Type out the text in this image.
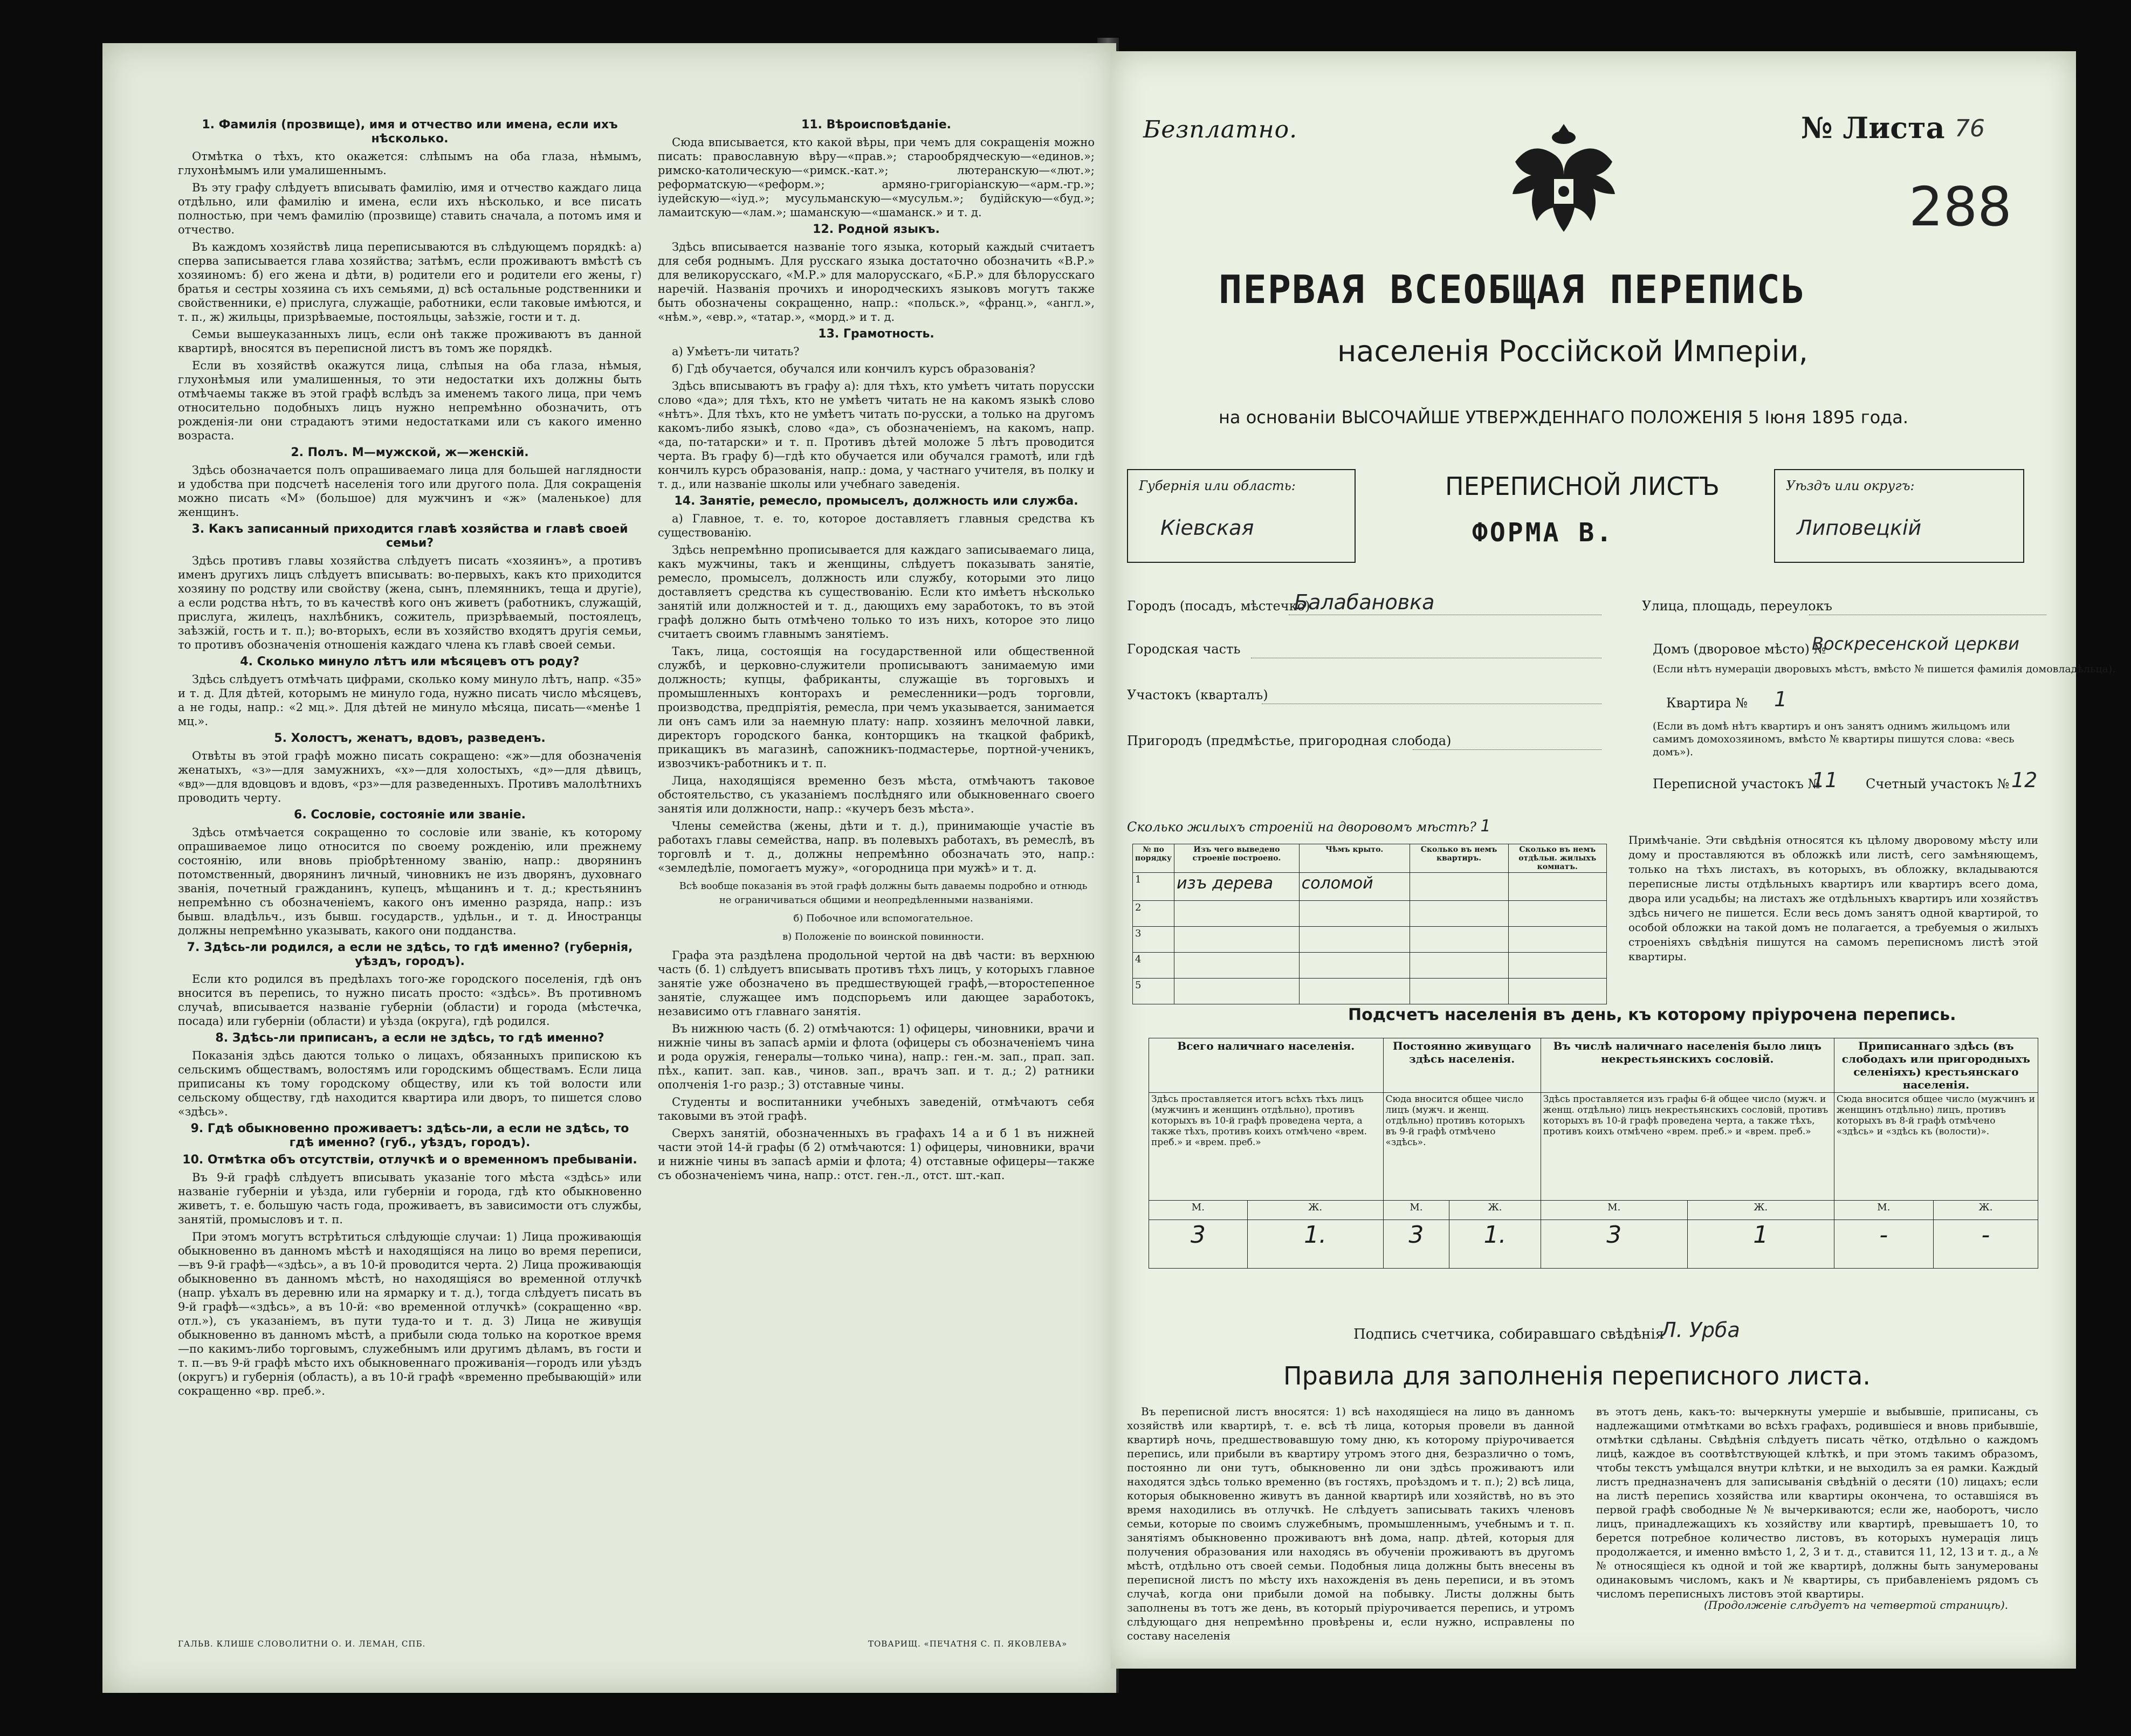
1. Фамилія (прозвище), имя и отчество или имена, если ихъ нѣсколько.

Отмѣтка о тѣхъ, кто окажется: слѣпымъ на оба глаза, нѣмымъ, глухонѣмымъ или умалишеннымъ.

Въ эту графу слѣдуетъ вписывать фамилію, имя и отчество каждаго лица отдѣльно, или фамилію и имена, если ихъ нѣсколько, и все писать полностью, при чемъ фамилію (прозвище) ставить сначала, а потомъ имя и отчество.

Въ каждомъ хозяйствѣ лица переписываются въ слѣдующемъ порядкѣ: а) сперва записывается глава хозяйства; затѣмъ, если проживаютъ вмѣстѣ съ хозяиномъ: б) его жена и дѣти, в) родители его и родители его жены, г) братья и сестры хозяина съ ихъ семьями, д) всѣ остальные родственники и свойственники, е) прислуга, служащіе, работники, если таковые имѣются, и т. п., ж) жильцы, призрѣваемые, постояльцы, заѣзжіе, гости и т. д.

Семьи вышеуказанныхъ лицъ, если онѣ также проживаютъ въ данной квартирѣ, вносятся въ переписной листъ въ томъ же порядкѣ.

Если въ хозяйствѣ окажутся лица, слѣпыя на оба глаза, нѣмыя, глухонѣмыя или умалишенныя, то эти недостатки ихъ должны быть отмѣчаемы также въ этой графѣ вслѣдъ за именемъ такого лица, при чемъ относительно подобныхъ лицъ нужно непремѣнно обозначить, отъ рожденія-ли они страдаютъ этими недостатками или съ какого именно возраста.

2. Полъ. М—мужской, ж—женскій.

Здѣсь обозначается полъ опрашиваемаго лица для большей наглядности и удобства при подсчетѣ населенія того или другого пола. Для сокращенія можно писать «М» (большое) для мужчинъ и «ж» (маленькое) для женщинъ.

3. Какъ записанный приходится главѣ хозяйства и главѣ своей семьи?

Здѣсь противъ главы хозяйства слѣдуетъ писать «хозяинъ», а противъ именъ другихъ лицъ слѣдуетъ вписывать: во-первыхъ, какъ кто приходится хозяину по родству или свойству (жена, сынъ, племянникъ, теща и другіе), а если родства нѣтъ, то въ качествѣ кого онъ живетъ (работникъ, служащій, прислуга, жилецъ, нахлѣбникъ, сожитель, призрѣваемый, постоялецъ, заѣзжій, гость и т. п.); во-вторыхъ, если въ хозяйство входятъ другія семьи, то противъ обозначенія отношенія каждаго члена къ главѣ своей семьи.

4. Сколько минуло лѣтъ или мѣсяцевъ отъ роду?

Здѣсь слѣдуетъ отмѣчать цифрами, сколько кому минуло лѣтъ, напр. «35» и т. д. Для дѣтей, которымъ не минуло года, нужно писать число мѣсяцевъ, а не годы, напр.: «2 мц.». Для дѣтей не минуло мѣсяца, писать—«менѣе 1 мц.».

5. Холостъ, женатъ, вдовъ, разведенъ.

Отвѣты въ этой графѣ можно писать сокращено: «ж»—для обозначенія женатыхъ, «з»—для замужнихъ, «х»—для холостыхъ, «д»—для дѣвицъ, «вд»—для вдовцовъ и вдовъ, «рз»—для разведенныхъ. Противъ малолѣтнихъ проводить черту.

6. Сословіе, состояніе или званіе.

Здѣсь отмѣчается сокращенно то сословіе или званіе, къ которому опрашиваемое лицо относится по своему рожденію, или прежнему состоянію, или вновь пріобрѣтенному званію, напр.: дворянинъ потомственный, дворянинъ личный, чиновникъ не изъ дворянъ, духовнаго званія, почетный гражданинъ, купецъ, мѣщанинъ и т. д.; крестьянинъ непремѣнно съ обозначеніемъ, какого онъ именно разряда, напр.: изъ бывш. владѣльч., изъ бывш. государств., удѣльн., и т. д. Иностранцы должны непремѣнно указывать, какого они подданства.

7. Здѣсь-ли родился, а если не здѣсь, то гдѣ именно? (губернія, уѣздъ, городъ).

Если кто родился въ предѣлахъ того-же городского поселенія, гдѣ онъ вносится въ перепись, то нужно писать просто: «здѣсь». Въ противномъ случаѣ, вписывается названіе губерніи (области) и города (мѣстечка, посада) или губерніи (области) и уѣзда (округа), гдѣ родился.

8. Здѣсь-ли приписанъ, а если не здѣсь, то гдѣ именно?

Показанія здѣсь даются только о лицахъ, обязанныхъ припискою къ сельскимъ обществамъ, волостямъ или городскимъ обществамъ. Если лица приписаны къ тому городскому обществу, или къ той волости или сельскому обществу, гдѣ находится квартира или дворъ, то пишется слово «здѣсь».

9. Гдѣ обыкновенно проживаетъ: здѣсь-ли, а если не здѣсь, то гдѣ именно? (губ., уѣздъ, городъ).
10. Отмѣтка объ отсутствіи, отлучкѣ и о временномъ пребываніи.

Въ 9-й графѣ слѣдуетъ вписывать указаніе того мѣста «здѣсь» или названіе губерніи и уѣзда, или губерніи и города, гдѣ кто обыкновенно живетъ, т. е. большую часть года, проживаетъ, въ зависимости отъ службы, занятій, промысловъ и т. п.

При этомъ могутъ встрѣтиться слѣдующіе случаи: 1) Лица проживающія обыкновенно въ данномъ мѣстѣ и находящіяся на лицо во время переписи,—въ 9-й графѣ—«здѣсь», а въ 10-й проводится черта. 2) Лица проживающія обыкновенно въ данномъ мѣстѣ, но находящіяся во временной отлучкѣ (напр. уѣхалъ въ деревню или на ярмарку и т. д.), тогда слѣдуетъ писать въ 9-й графѣ—«здѣсь», а въ 10-й: «во временной отлучкѣ» (сокращенно «вр. отл.»), съ указаніемъ, въ пути туда-то и т. д. 3) Лица не живущія обыкновенно въ данномъ мѣстѣ, а прибыли сюда только на короткое время—по какимъ-либо торговымъ, служебнымъ или другимъ дѣламъ, въ гости и т. п.—въ 9-й графѣ мѣсто ихъ обыкновеннаго проживанія—городъ или уѣздъ (округъ) и губернія (область), а въ 10-й графѣ «временно пребывающій» или сокращенно «вр. преб.».

11. Вѣроисповѣданіе.

Сюда вписывается, кто какой вѣры, при чемъ для сокращенія можно писать: православную вѣру—«прав.»; старообрядческую—«единов.»; римско-католическую—«римск.-кат.»; лютеранскую—«лют.»; реформатскую—«реформ.»; армяно-григоріанскую—«арм.-гр.»; іудейскую—«іуд.»; мусульманскую—«мусульм.»; будійскую—«буд.»; ламаитскую—«лам.»; шаманскую—«шаманск.» и т. д.

12. Родной языкъ.

Здѣсь вписывается названіе того языка, который каждый считаетъ для себя роднымъ. Для русскаго языка достаточно обозначить «В.Р.» для великорусскаго, «М.Р.» для малорусскаго, «Б.Р.» для бѣлорусскаго наречій. Названія прочихъ и инородческихъ языковъ могутъ также быть обозначены сокращенно, напр.: «польск.», «франц.», «англ.», «нѣм.», «евр.», «татар.», «морд.» и т. д.

13. Грамотность.

а) Умѣетъ-ли читать?

б) Гдѣ обучается, обучался или кончилъ курсъ образованія?

Здѣсь вписываютъ въ графу а): для тѣхъ, кто умѣетъ читать порусски слово «да»; для тѣхъ, кто не умѣетъ читать не на какомъ языкѣ слово «нѣтъ». Для тѣхъ, кто не умѣетъ читать по-русски, а только на другомъ какомъ-либо языкѣ, слово «да», съ обозначеніемъ, на какомъ, напр. «да, по-татарски» и т. п. Противъ дѣтей моложе 5 лѣтъ проводится черта. Въ графу б)—гдѣ кто обучается или обучался грамотѣ, или гдѣ кончилъ курсъ образованія, напр.: дома, у частнаго учителя, въ полку и т. д., или названіе школы или учебнаго заведенія.

14. Занятіе, ремесло, промыселъ, должность или служба.

а) Главное, т. е. то, которое доставляетъ главныя средства къ существованію.

Здѣсь непремѣнно прописывается для каждаго записываемаго лица, какъ мужчины, такъ и женщины, слѣдуетъ показывать занятіе, ремесло, промыселъ, должность или службу, которыми это лицо доставляетъ средства къ существованію. Если кто имѣетъ нѣсколько занятій или должностей и т. д., дающихъ ему заработокъ, то въ этой графѣ должно быть отмѣчено только то изъ нихъ, которое это лицо считаетъ своимъ главнымъ занятіемъ.

Такъ, лица, состоящія на государственной или общественной службѣ, и церковно-служители прописываютъ занимаемую ими должность; купцы, фабриканты, служащіе въ торговыхъ и промышленныхъ конторахъ и ремесленники—родъ торговли, производства, предпріятія, ремесла, при чемъ указывается, занимается ли онъ самъ или за наемную плату: напр. хозяинъ мелочной лавки, директоръ городского банка, конторщикъ на ткацкой фабрикѣ, прикащикъ въ магазинѣ, сапожникъ-подмастерье, портной-ученикъ, извозчикъ-работникъ и т. п.

Лица, находящіяся временно безъ мѣста, отмѣчаютъ таковое обстоятельство, съ указаніемъ послѣдняго или обыкновеннаго своего занятія или должности, напр.: «кучеръ безъ мѣста».

Члены семейства (жены, дѣти и т. д.), принимающіе участіе въ работахъ главы семейства, напр. въ полевыхъ работахъ, въ ремеслѣ, въ торговлѣ и т. д., должны непремѣнно обозначать это, напр.: «земледѣліе, помогаетъ мужу», «огородница при мужѣ» и т. д.

Всѣ вообще показанія въ этой графѣ должны быть даваемы подробно и отнюдь не ограничиваться общими и неопредѣленными названіями.

б) Побочное или вспомогательное.

в) Положеніе по воинской повинности.

Графа эта раздѣлена продольной чертой на двѣ части: въ верхнюю часть (б. 1) слѣдуетъ вписывать противъ тѣхъ лицъ, у которыхъ главное занятіе уже обозначено въ предшествующей графѣ,—второстепенное занятіе, служащее имъ подспорьемъ или дающее заработокъ, независимо отъ главнаго занятія.

Въ нижнюю часть (б. 2) отмѣчаются: 1) офицеры, чиновники, врачи и нижніе чины въ запасѣ армiи и флота (офицеры съ обозначеніемъ чина и рода оружія, генералы—только чина), напр.: ген.-м. зап., прап. зап. пѣх., капит. зап. кав., чинов. зап., врачъ зап. и т. д.; 2) ратники ополченія 1-го разр.; 3) отставные чины.

Студенты и воспитанники учебныхъ заведеній, отмѣчаютъ себя таковыми въ этой графѣ.

Сверхъ занятій, обозначенныхъ въ графахъ 14 а и б 1 въ нижней части этой 14-й графы (б 2) отмѣчаются: 1) офицеры, чиновники, врачи и нижніе чины въ запасѣ армiи и флота; 4) отставные офицеры—также съ обозначеніемъ чина, напр.: отст. ген.-л., отст. шт.-кап.

ГАЛЬВ. КЛИШЕ СЛОВОЛИТНИ О. И. ЛЕМАН, СПБ.	ТОВАРИЩ. «ПЕЧАТНЯ С. П. ЯКОВЛЕВА»
Безплатно.	№ Листа 76
288
ПЕРВАЯ ВСЕОБЩАЯ ПЕРЕПИСЬ
населенія Россійской Имперіи,
на основаніи ВЫСОЧАЙШЕ УТВЕРЖДЕННАГО ПОЛОЖЕНІЯ 5 Іюня 1895 года.
Губернія или область:
Кіевская
ПЕРЕПИСНОЙ ЛИСТЪ
ФОРМА В.
Уѣздъ или округъ:
Липовецкій
Городъ (посадъ, мѣстечко)
Балабановка
Городская часть
Участокъ (кварталъ)
Пригородъ (предмѣстье, пригородная слобода)
Улица, площадь, переулокъ
Домъ (дворовое мѣсто) №
Воскресенской церкви
(Если нѣтъ нумераціи дворовыхъ мѣстъ, вмѣсто № пишется фамилія домовладѣльца).
Квартира № 1
(Если въ домѣ нѣтъ квартиръ и онъ занятъ однимъ жильцомъ или самимъ домохозяиномъ, вмѣсто № квартиры пишутся слова: «весь домъ»).
Переписной участокъ №
11 Счетный участокъ № 12
Сколько жилыхъ строеній на дворовомъ мѣстѣ? 1
№ по порядку	Изъ чего выведено строеніе построено.	Чѣмъ крыто.	Сколько въ немъ квартиръ.	Сколько въ немъ отдѣльн. жилыхъ комнатъ.
1	изъ дерева	соломой		
2				
3				
4				
5				
Примѣчаніе. Эти свѣдѣнія относятся къ цѣлому дворовому мѣсту или дому и проставляются въ обложкѣ или листѣ, сего замѣняющемъ, только на тѣхъ листахъ, въ которыхъ, въ обложку, вкладываются переписные листы отдѣльныхъ квартиръ или квартиръ всего дома, двора или усадьбы; на листахъ же отдѣльныхъ квартиръ или хозяйствъ здѣсь ничего не пишется. Если весь домъ занятъ одной квартирой, то особой обложки на такой домъ не полагается, а требуемыя о жилыхъ строеніяхъ свѣдѣнія пишутся на самомъ переписномъ листѣ этой квартиры.
Подсчетъ населенія въ день, къ которому пріурочена перепись.
Всего наличнаго населенія.		Постоянно живущаго здѣсь населенія.		Въ числѣ наличнаго населенія было лицъ некрестьянскихъ сословій.		Приписаннаго здѣсь (въ слободахъ или пригородныхъ селеніяхъ) крестьянскаго населенія.	
Здѣсь проставляется итогъ всѣхъ тѣхъ лицъ (мужчинъ и женщинъ отдѣльно), противъ которыхъ въ 10-й графѣ проведена черта, а также тѣхъ, противъ коихъ отмѣчено «врем. преб.» и «врем. преб.»		Сюда вносится общее число лицъ (мужч. и женщ. отдѣльно) противъ которыхъ въ 9-й графѣ отмѣчено «здѣсь».		Здѣсь проставляется изъ графы 6-й общее число (мужч. и женщ. отдѣльно) лицъ некрестьянскихъ сословій, противъ которыхъ въ 10-й графѣ проведена черта, а также тѣхъ, противъ коихъ отмѣчено «врем. преб.» и «врем. преб.»		Сюда вносится общее число (мужчинъ и женщинъ отдѣльно) лицъ, противъ которыхъ въ 8-й графѣ отмѣчено «здѣсь» и «здѣсь къ (волости)».	
М.	Ж.	М.	Ж.	М.	Ж.	М.	Ж.
3	1.	3	1.	3	1	-	-
Подпись счетчика, собиравшаго свѣдѣнія
Л. Урба
Правила для заполненія переписного листа.
Въ переписной листъ вносятся: 1) всѣ находящіеся на лицо въ данномъ хозяйствѣ или квартирѣ, т. е. всѣ тѣ лица, которыя провели въ данной квартирѣ ночь, предшествовавшую тому дню, къ которому пріурочивается перепись, или прибыли въ квартиру утромъ этого дня, безразлично о томъ, постоянно ли они тутъ, обыкновенно ли они здѣсь проживаютъ или находятся здѣсь только временно (въ гостяхъ, проѣздомъ и т. п.); 2) всѣ лица, которыя обыкновенно живутъ въ данной квартирѣ или хозяйствѣ, но въ это время находились въ отлучкѣ. Не слѣдуетъ записывать такихъ членовъ семьи, которые по своимъ служебнымъ, промышленнымъ, учебнымъ и т. п. занятіямъ обыкновенно проживаютъ внѣ дома, напр. дѣтей, которыя для получения образования или находясь въ обученіи проживаютъ въ другомъ мѣстѣ, отдѣльно отъ своей семьи. Подобныя лица должны быть внесены въ переписной листъ по мѣсту ихъ нахожденія въ день переписи, и въ этомъ случаѣ, когда они прибыли домой на побывку. Листы должны быть заполнены въ тотъ же день, въ который пріурочивается перепись, и утромъ слѣдующаго дня непремѣнно провѣрены и, если нужно, исправлены по составу населенія
въ этотъ день, какъ-то: вычеркнуты умершіе и выбывшіе, приписаны, съ надлежащими отмѣтками во всѣхъ графахъ, родившіеся и вновь прибывшіе, отмѣтки сдѣланы. Свѣдѣнія слѣдуетъ писать чётко, отдѣльно о каждомъ лицѣ, каждое въ соотвѣтствующей клѣткѣ, и при этомъ такимъ образомъ, чтобы текстъ умѣщался внутри клѣтки, и не выходилъ за ея рамки. Каждый листъ предназначенъ для записыванія свѣдѣній о десяти (10) лицахъ; если на листѣ перепись хозяйства или квартиры окончена, то оставшіяся въ первой графѣ свободные № № вычеркиваются; если же, наоборотъ, число лицъ, принадлежащихъ къ хозяйству или квартирѣ, превышаетъ 10, то берется потребное количество листовъ, въ которыхъ нумерація лицъ продолжается, и именно вмѣсто 1, 2, 3 и т. д., ставится 11, 12, 13 и т. д., а № № относящіеся къ одной и той же квартирѣ, должны быть занумерованы одинаковымъ числомъ, какъ и № квартиры, съ прибавленіемъ рядомъ съ числомъ переписныхъ листовъ этой квартиры.
(Продолженіе слѣдуетъ на четвертой страницѣ).
